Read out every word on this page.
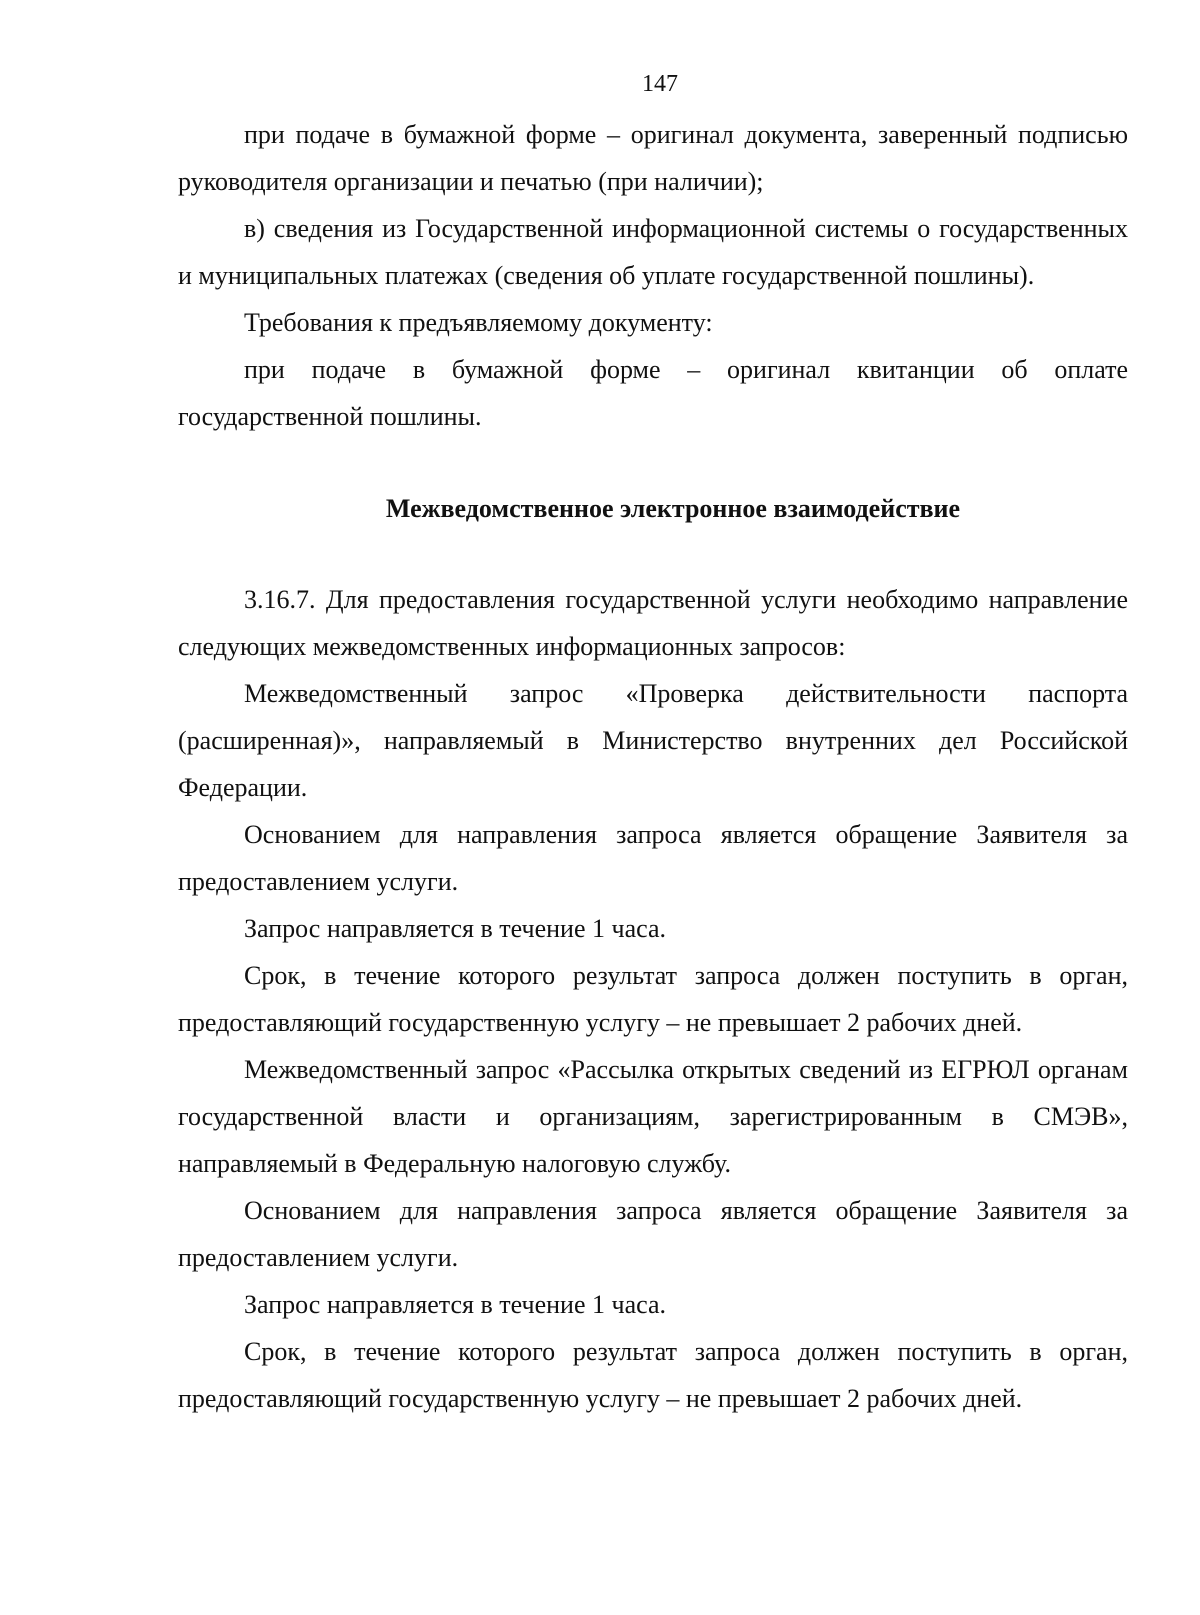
147

при подаче в бумажной форме – оригинал документа, заверенный подписью руководителя организации и печатью (при наличии);

в) сведения из Государственной информационной системы о государственных и муниципальных платежах (сведения об уплате государственной пошлины).

Требования к предъявляемому документу:

при подаче в бумажной форме – оригинал квитанции об оплате государственной пошлины.

Межведомственное электронное взаимодействие

3.16.7. Для предоставления государственной услуги необходимо направление следующих межведомственных информационных запросов:

Межведомственный запрос «Проверка действительности паспорта (расширенная)», направляемый в Министерство внутренних дел Российской Федерации.

Основанием для направления запроса является обращение Заявителя за предоставлением услуги.

Запрос направляется в течение 1 часа.

Срок, в течение которого результат запроса должен поступить в орган, предоставляющий государственную услугу – не превышает 2 рабочих дней.

Межведомственный запрос «Рассылка открытых сведений из ЕГРЮЛ органам государственной власти и организациям, зарегистрированным в СМЭВ», направляемый в Федеральную налоговую службу.

Основанием для направления запроса является обращение Заявителя за предоставлением услуги.

Запрос направляется в течение 1 часа.

Срок, в течение которого результат запроса должен поступить в орган, предоставляющий государственную услугу – не превышает 2 рабочих дней.
